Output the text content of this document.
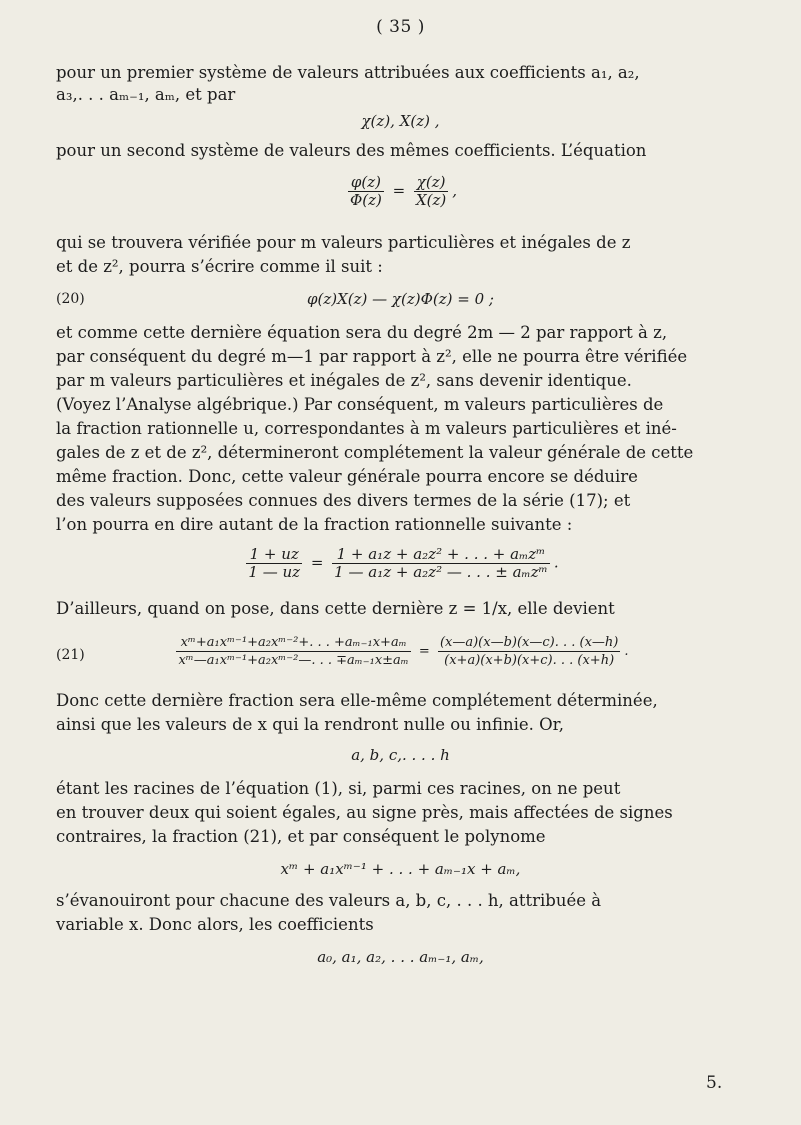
( 35 )
pour un premier système de valeurs attribuées aux coefficients a₁, a₂,
a₃,. . . aₘ₋₁, aₘ, et par
χ(z), X(z) ,
pour un second système de valeurs des mêmes coefficients. L’équation
$\frac{\varphi(z)}{\Phi(z)} = \frac{\chi(z)}{X(z)}$ ,
qui se trouvera vérifiée pour m valeurs particulières et inégales de z
et de z², pourra s’écrire comme il suit :
(20)	φ(z)X(z) — χ(z)Φ(z) = 0 ;
et comme cette dernière équation sera du degré 2m — 2 par rapport à z,
par conséquent du degré m—1 par rapport à z², elle ne pourra être vérifiée
par m valeurs particulières et inégales de z², sans devenir identique.
(Voyez l’Analyse algébrique.) Par conséquent, m valeurs particulières de
la fraction rationnelle u, correspondantes à m valeurs particulières et iné-
gales de z et de z², détermineront complétement la valeur générale de cette
même fraction. Donc, cette valeur générale pourra encore se déduire
des valeurs supposées connues des divers termes de la série (17); et
l’on pourra en dire autant de la fraction rationnelle suivante :
$\frac{1 + uz}{1 — uz} = \frac{\text{1 + a₁z + a₂z² + . . . + aₘzᵐ}}{\text{1 — a₁z + a₂z² — . . . ± aₘzᵐ}}$ .
D’ailleurs, quand on pose, dans cette dernière z = 1/x, elle devient
(21)	$\frac{\text{xᵐ+a₁xᵐ⁻¹+a₂xᵐ⁻²+. . . +aₘ₋₁x+aₘ}}{\text{xᵐ—a₁xᵐ⁻¹+a₂xᵐ⁻²—. . . ∓aₘ₋₁x±aₘ}} = \frac{(x—a)(x—b)(x—c). . . (x—h)}{(x+a)(x+b)(x+c). . . (x+h)}$ .
Donc cette dernière fraction sera elle-même complétement déterminée,
ainsi que les valeurs de x qui la rendront nulle ou infinie. Or,
a, b, c,. . . . h
étant les racines de l’équation (1), si, parmi ces racines, on ne peut
en trouver deux qui soient égales, au signe près, mais affectées de signes
contraires, la fraction (21), et par conséquent le polynome
xᵐ + a₁xᵐ⁻¹ + . . . + aₘ₋₁x + aₘ,
s’évanouiront pour chacune des valeurs a, b, c, . . . h, attribuée à
variable x. Donc alors, les coefficients
a₀, a₁, a₂, . . . aₘ₋₁, aₘ,
5.
